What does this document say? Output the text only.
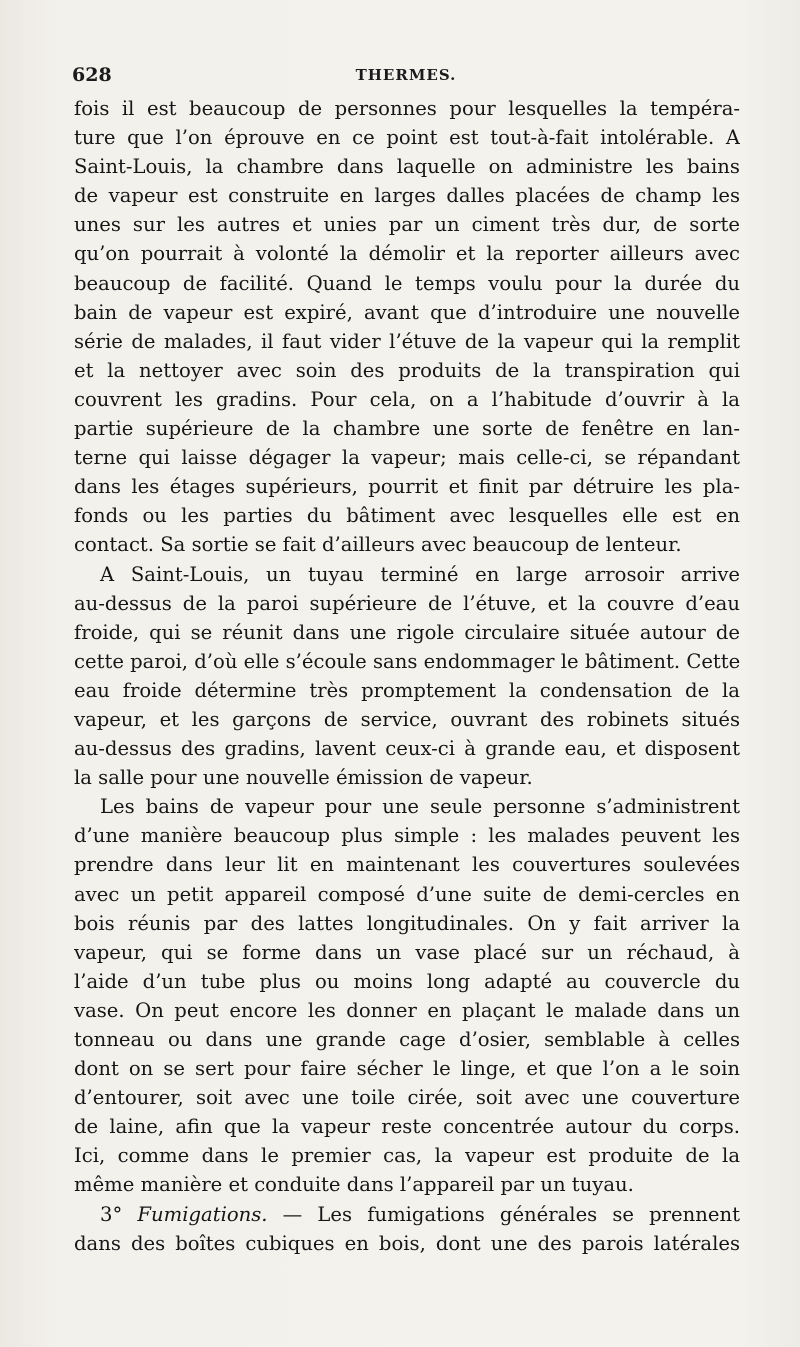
628	THERMES.
fois il est beaucoup de personnes pour lesquelles la tempéra-
ture que l’on éprouve en ce point est tout-à-fait intolérable. A
Saint-Louis, la chambre dans laquelle on administre les bains
de vapeur est construite en larges dalles placées de champ les
unes sur les autres et unies par un ciment très dur, de sorte
qu’on pourrait à volonté la démolir et la reporter ailleurs avec
beaucoup de facilité. Quand le temps voulu pour la durée du
bain de vapeur est expiré, avant que d’introduire une nouvelle
série de malades, il faut vider l’étuve de la vapeur qui la remplit
et la nettoyer avec soin des produits de la transpiration qui
couvrent les gradins. Pour cela, on a l’habitude d’ouvrir à la
partie supérieure de la chambre une sorte de fenêtre en lan-
terne qui laisse dégager la vapeur; mais celle-ci, se répandant
dans les étages supérieurs, pourrit et finit par détruire les pla-
fonds ou les parties du bâtiment avec lesquelles elle est en
contact. Sa sortie se fait d’ailleurs avec beaucoup de lenteur.
A Saint-Louis, un tuyau terminé en large arrosoir arrive
au-dessus de la paroi supérieure de l’étuve, et la couvre d’eau
froide, qui se réunit dans une rigole circulaire située autour de
cette paroi, d’où elle s’écoule sans endommager le bâtiment. Cette
eau froide détermine très promptement la condensation de la
vapeur, et les garçons de service, ouvrant des robinets situés
au-dessus des gradins, lavent ceux-ci à grande eau, et disposent
la salle pour une nouvelle émission de vapeur.
Les bains de vapeur pour une seule personne s’administrent
d’une manière beaucoup plus simple : les malades peuvent les
prendre dans leur lit en maintenant les couvertures soulevées
avec un petit appareil composé d’une suite de demi-cercles en
bois réunis par des lattes longitudinales. On y fait arriver la
vapeur, qui se forme dans un vase placé sur un réchaud, à
l’aide d’un tube plus ou moins long adapté au couvercle du
vase. On peut encore les donner en plaçant le malade dans un
tonneau ou dans une grande cage d’osier, semblable à celles
dont on se sert pour faire sécher le linge, et que l’on a le soin
d’entourer, soit avec une toile cirée, soit avec une couverture
de laine, afin que la vapeur reste concentrée autour du corps.
Ici, comme dans le premier cas, la vapeur est produite de la
même manière et conduite dans l’appareil par un tuyau.
3° Fumigations. — Les fumigations générales se prennent
dans des boîtes cubiques en bois, dont une des parois latérales
